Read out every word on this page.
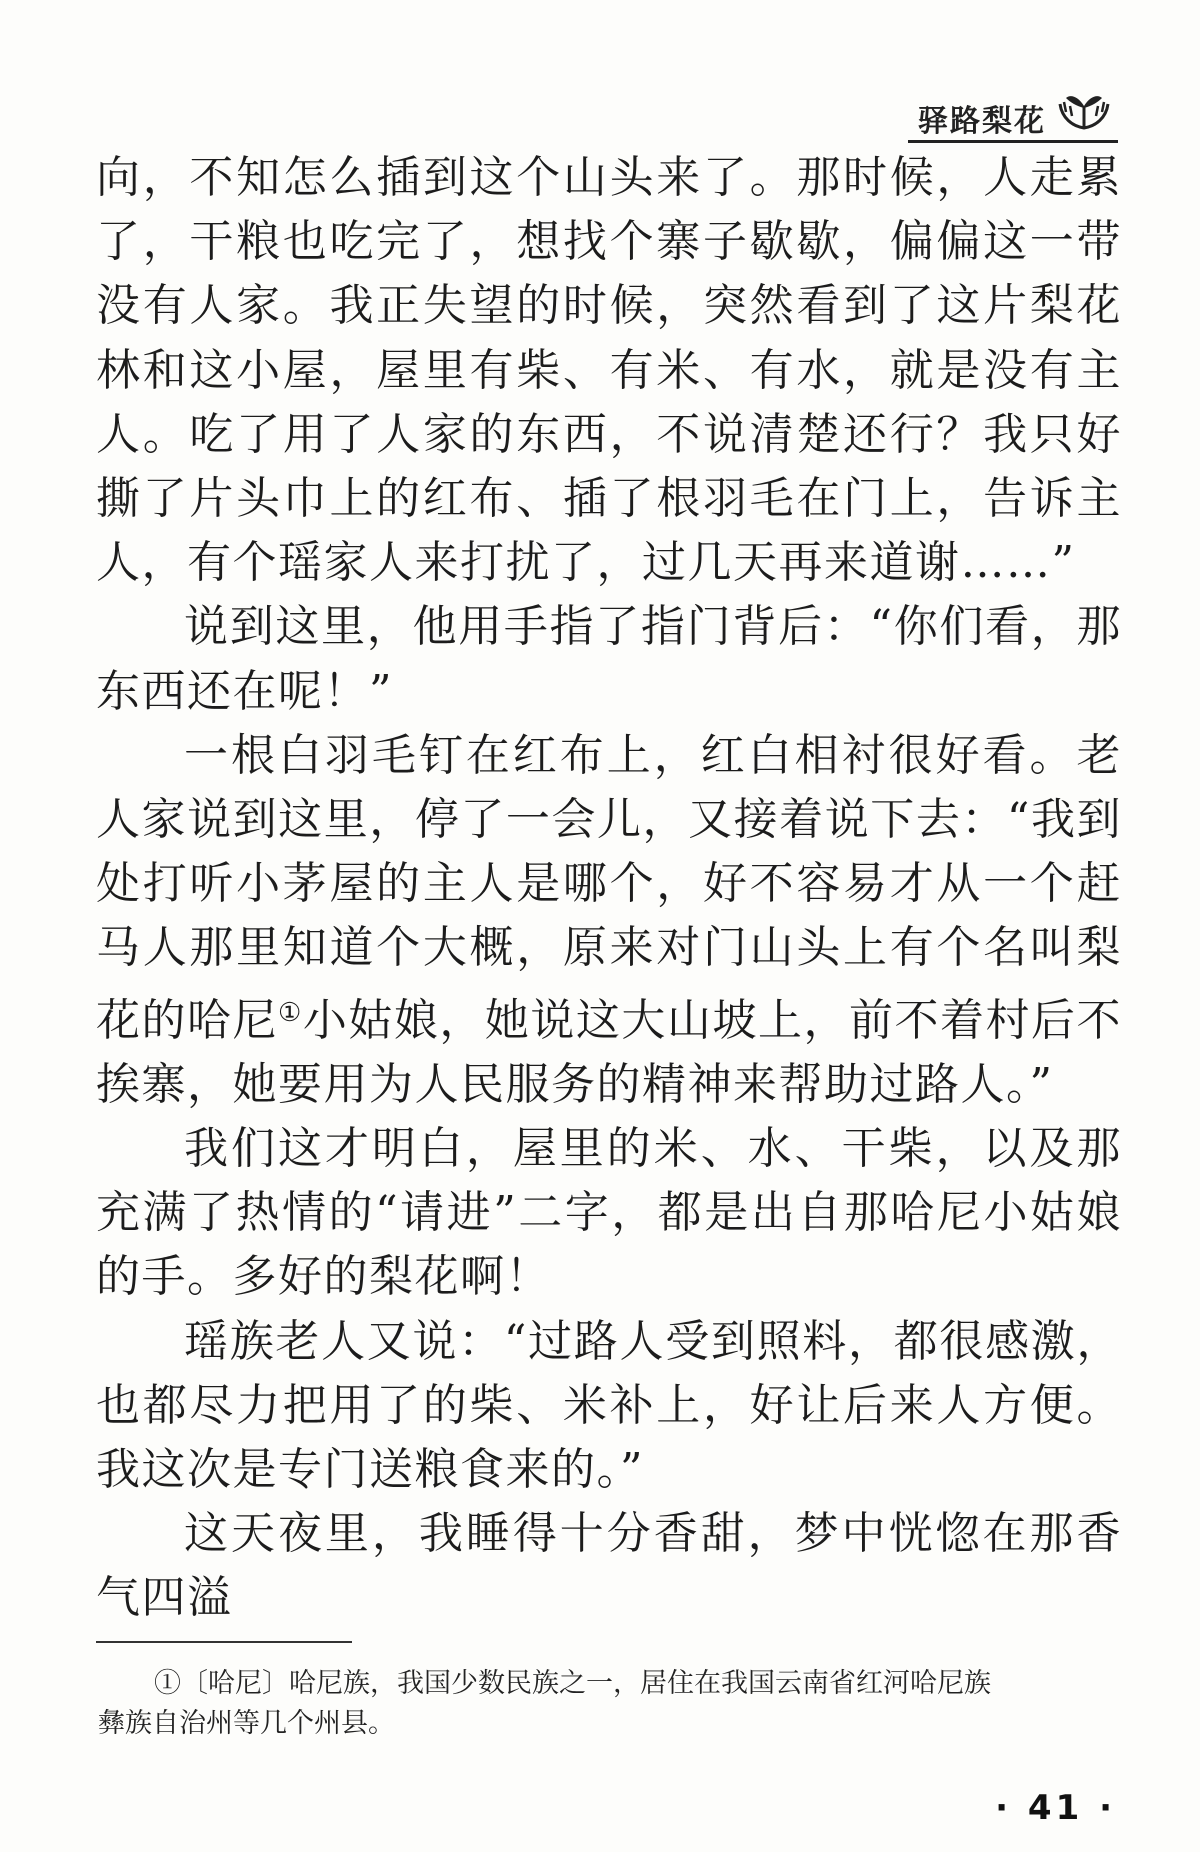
驿路梨花

向，不知怎么插到这个山头来了。那时候，人走累了，干粮也吃完了，想找个寨子歇歇，偏偏这一带没有人家。我正失望的时候，突然看到了这片梨花林和这小屋，屋里有柴、有米、有水，就是没有主人。吃了用了人家的东西，不说清楚还行？我只好撕了片头巾上的红布、插了根羽毛在门上，告诉主人，有个瑶家人来打扰了，过几天再来道谢……”

说到这里，他用手指了指门背后：“你们看，那东西还在呢！”

一根白羽毛钉在红布上，红白相衬很好看。老人家说到这里，停了一会儿，又接着说下去：“我到处打听小茅屋的主人是哪个，好不容易才从一个赶马人那里知道个大概，原来对门山头上有个名叫梨花的哈尼①小姑娘，她说这大山坡上，前不着村后不挨寨，她要用为人民服务的精神来帮助过路人。”

我们这才明白，屋里的米、水、干柴，以及那充满了热情的“请进”二字，都是出自那哈尼小姑娘的手。多好的梨花啊！

瑶族老人又说：“过路人受到照料，都很感激，也都尽力把用了的柴、米补上，好让后来人方便。我这次是专门送粮食来的。”

这天夜里，我睡得十分香甜，梦中恍惚在那香气四溢

①〔哈尼〕哈尼族，我国少数民族之一，居住在我国云南省红河哈尼族
彝族自治州等几个州县。

· 41 ·
